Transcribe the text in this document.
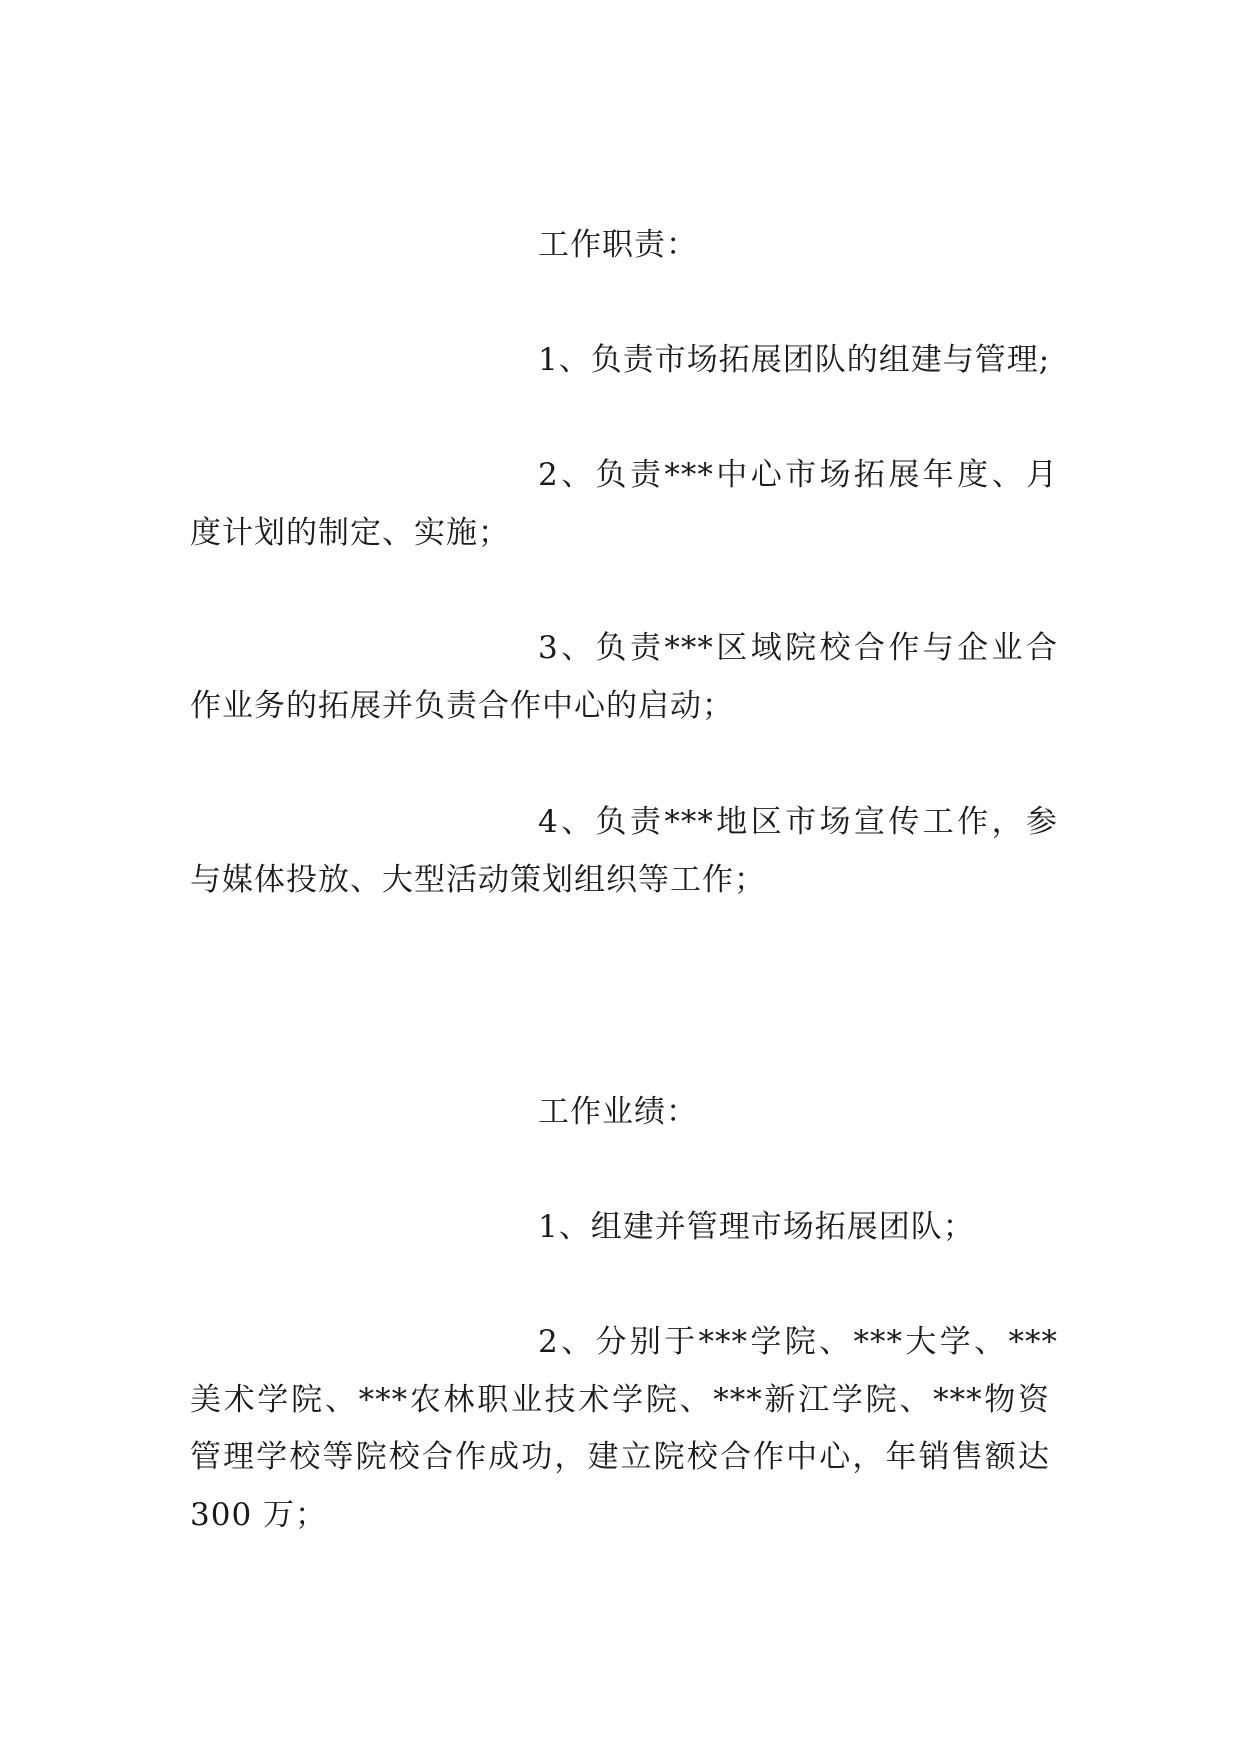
工作职责：
1、负责市场拓展团队的组建与管理;
2、负责***中心市场拓展年度、月
度计划的制定、实施；
3、负责***区域院校合作与企业合
作业务的拓展并负责合作中心的启动；
4、负责***地区市场宣传工作，参
与媒体投放、大型活动策划组织等工作；
工作业绩：
1、组建并管理市场拓展团队；
2、分别于***学院、***大学、***
美术学院、***农林职业技术学院、***新江学院、***物资
管理学校等院校合作成功，建立院校合作中心，年销售额达
300 万；
